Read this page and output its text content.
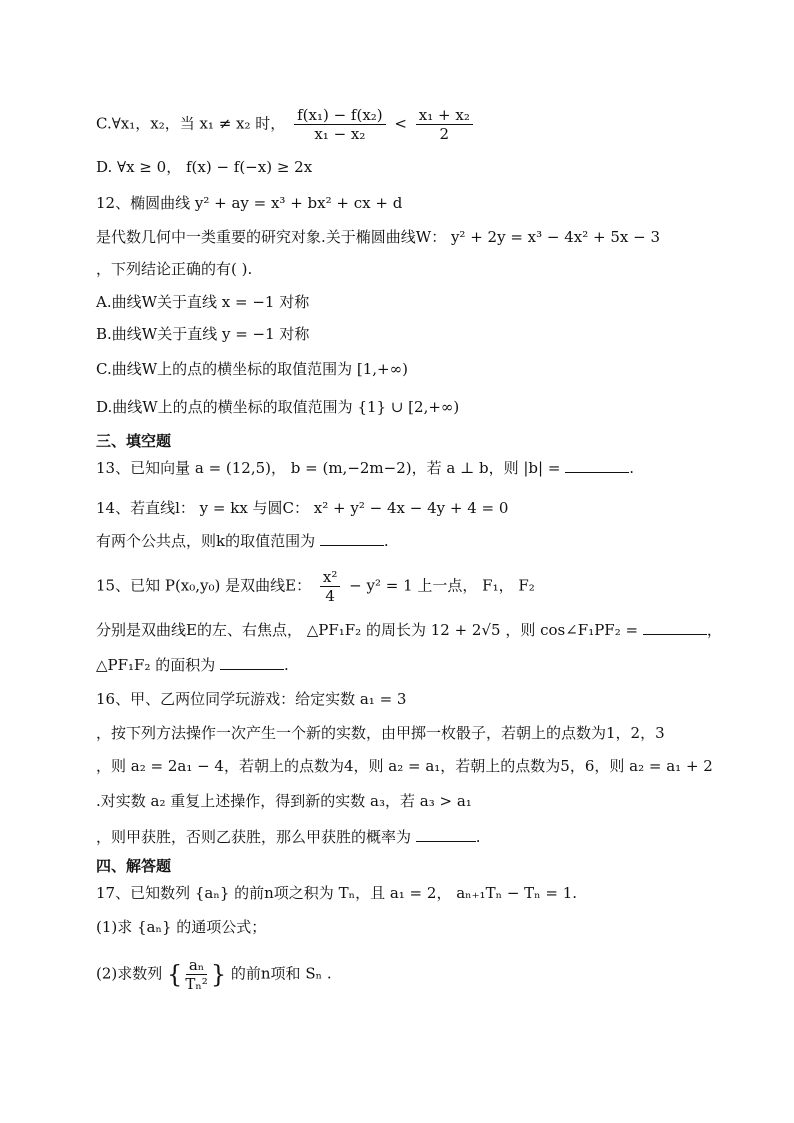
C.∀x₁，x₂，当 x₁ ≠ x₂ 时， $\frac{\text{f(x₁) − f(x₂)}}{\text{x₁ − x₂}} < \frac{\text{x₁ + x₂}}{2}$
D. ∀x ≥ 0， f(x) − f(−x) ≥ 2x
12、椭圆曲线 y² + ay = x³ + bx² + cx + d
是代数几何中一类重要的研究对象.关于椭圆曲线W： y² + 2y = x³ − 4x² + 5x − 3
，下列结论正确的有( ).
A.曲线W关于直线 x = −1 对称
B.曲线W关于直线 y = −1 对称
C.曲线W上的点的横坐标的取值范围为 [1,+∞)
D.曲线W上的点的横坐标的取值范围为 {1} ∪ [2,+∞)
三、填空题
13、已知向量 a = (12,5)， b = (m,−2m−2)，若 a ⊥ b，则 |b| =	.
14、若直线l： y = kx 与圆C： x² + y² − 4x − 4y + 4 = 0
有两个公共点，则k的取值范围为	.
15、已知 P(x₀,y₀) 是双曲线E： $\frac{\text{x²}}{4} - y^2 = 1$ 上一点， F₁， F₂
分别是双曲线E的左、右焦点， △PF₁F₂ 的周长为 12 + 2√5 ，则 cos∠F₁PF₂ =	，
△PF₁F₂ 的面积为	.
16、甲、乙两位同学玩游戏：给定实数 a₁ = 3
，按下列方法操作一次产生一个新的实数，由甲掷一枚骰子，若朝上的点数为1，2，3
，则 a₂ = 2a₁ − 4，若朝上的点数为4，则 a₂ = a₁，若朝上的点数为5，6，则 a₂ = a₁ + 2
.对实数 a₂ 重复上述操作，得到新的实数 a₃，若 a₃ > a₁
，则甲获胜，否则乙获胜，那么甲获胜的概率为	.
四、解答题
17、已知数列 {aₙ} 的前n项之积为 Tₙ，且 a₁ = 2， aₙ₊₁Tₙ − Tₙ = 1.
(1)求 {aₙ} 的通项公式；
(2)求数列 { $\frac{\text{aₙ}}{\text{Tₙ²}}$ } 的前n项和 Sₙ .
